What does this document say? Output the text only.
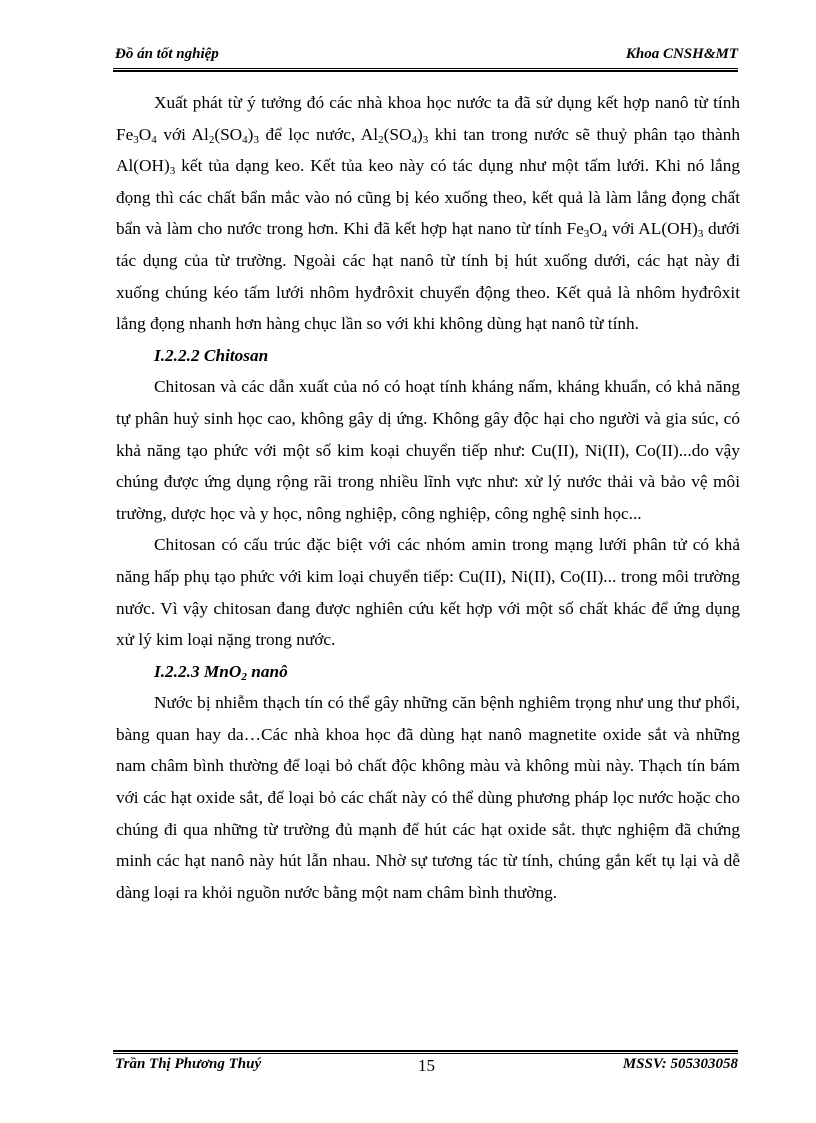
Đồ án tốt nghiệp	Khoa CNSH&MT

Xuất phát từ ý tưởng đó các nhà khoa học nước ta đã sử dụng kết hợp nanô từ tính $Fe_3O_4$ với $Al_2(SO_4)_3$ để lọc nước, $Al_2(SO_4)_3$ khi tan trong nước sẽ thuỷ phân tạo thành $Al(OH)_3$ kết tủa dạng keo. Kết tủa keo này có tác dụng như một tấm lưới. Khi nó lắng đọng thì các chất bẩn mắc vào nó cũng bị kéo xuống theo, kết quả là làm lắng đọng chất bẩn và làm cho nước trong hơn. Khi đã kết hợp hạt nano từ tính $Fe_3O_4$ với $AL(OH)_3$ dưới tác dụng của từ trường. Ngoài các hạt nanô từ tính bị hút xuống dưới, các hạt này đi xuống chúng kéo tấm lưới nhôm hyđrôxit chuyển động theo. Kết quả là nhôm hyđrôxit lắng đọng nhanh hơn hàng chục lần so với khi không dùng hạt nanô từ tính.

I.2.2.2 Chitosan

Chitosan và các dẫn xuất của nó có hoạt tính kháng nấm, kháng khuẩn, có khả năng tự phân huỷ sinh học cao, không gây dị ứng. Không gây độc hại cho người và gia súc, có khả năng tạo phức với một số kim koại chuyển tiếp như: Cu(II), Ni(II), Co(II)...do vậy chúng được ứng dụng rộng rãi trong nhiều lĩnh vực như: xử lý nước thải và bảo vệ môi trường, dược học và y học, nông nghiệp, công nghiệp, công nghệ sinh học...

Chitosan có cấu trúc đặc biệt với các nhóm amin trong mạng lưới phân tử có khả năng hấp phụ tạo phức với kim loại chuyển tiếp: Cu(II), Ni(II), Co(II)... trong môi trường nước. Vì vậy chitosan đang được nghiên cứu kết hợp với một số chất khác để ứng dụng xử lý kim loại nặng trong nước.

I.2.2.3 MnO$_2$ nanô

Nước bị nhiễm thạch tín có thể gây những căn bệnh nghiêm trọng như ung thư phổi, bàng quan hay da…Các nhà khoa học đã dùng hạt nanô magnetite oxide sắt và những nam châm bình thường để loại bỏ chất độc không màu và không mùi này. Thạch tín bám với các hạt oxide sắt, để loại bỏ các chất này có thể dùng phương pháp lọc nước hoặc cho chúng đi qua những từ trường đủ mạnh để hút các hạt oxide sắt. thực nghiệm đã chứng minh các hạt nanô này hút lẫn nhau. Nhờ sự tương tác từ tính, chúng gắn kết tụ lại và dễ dàng loại ra khỏi nguồn nước bằng một nam châm bình thường.

Trần Thị Phương Thuý	15	MSSV: 505303058
